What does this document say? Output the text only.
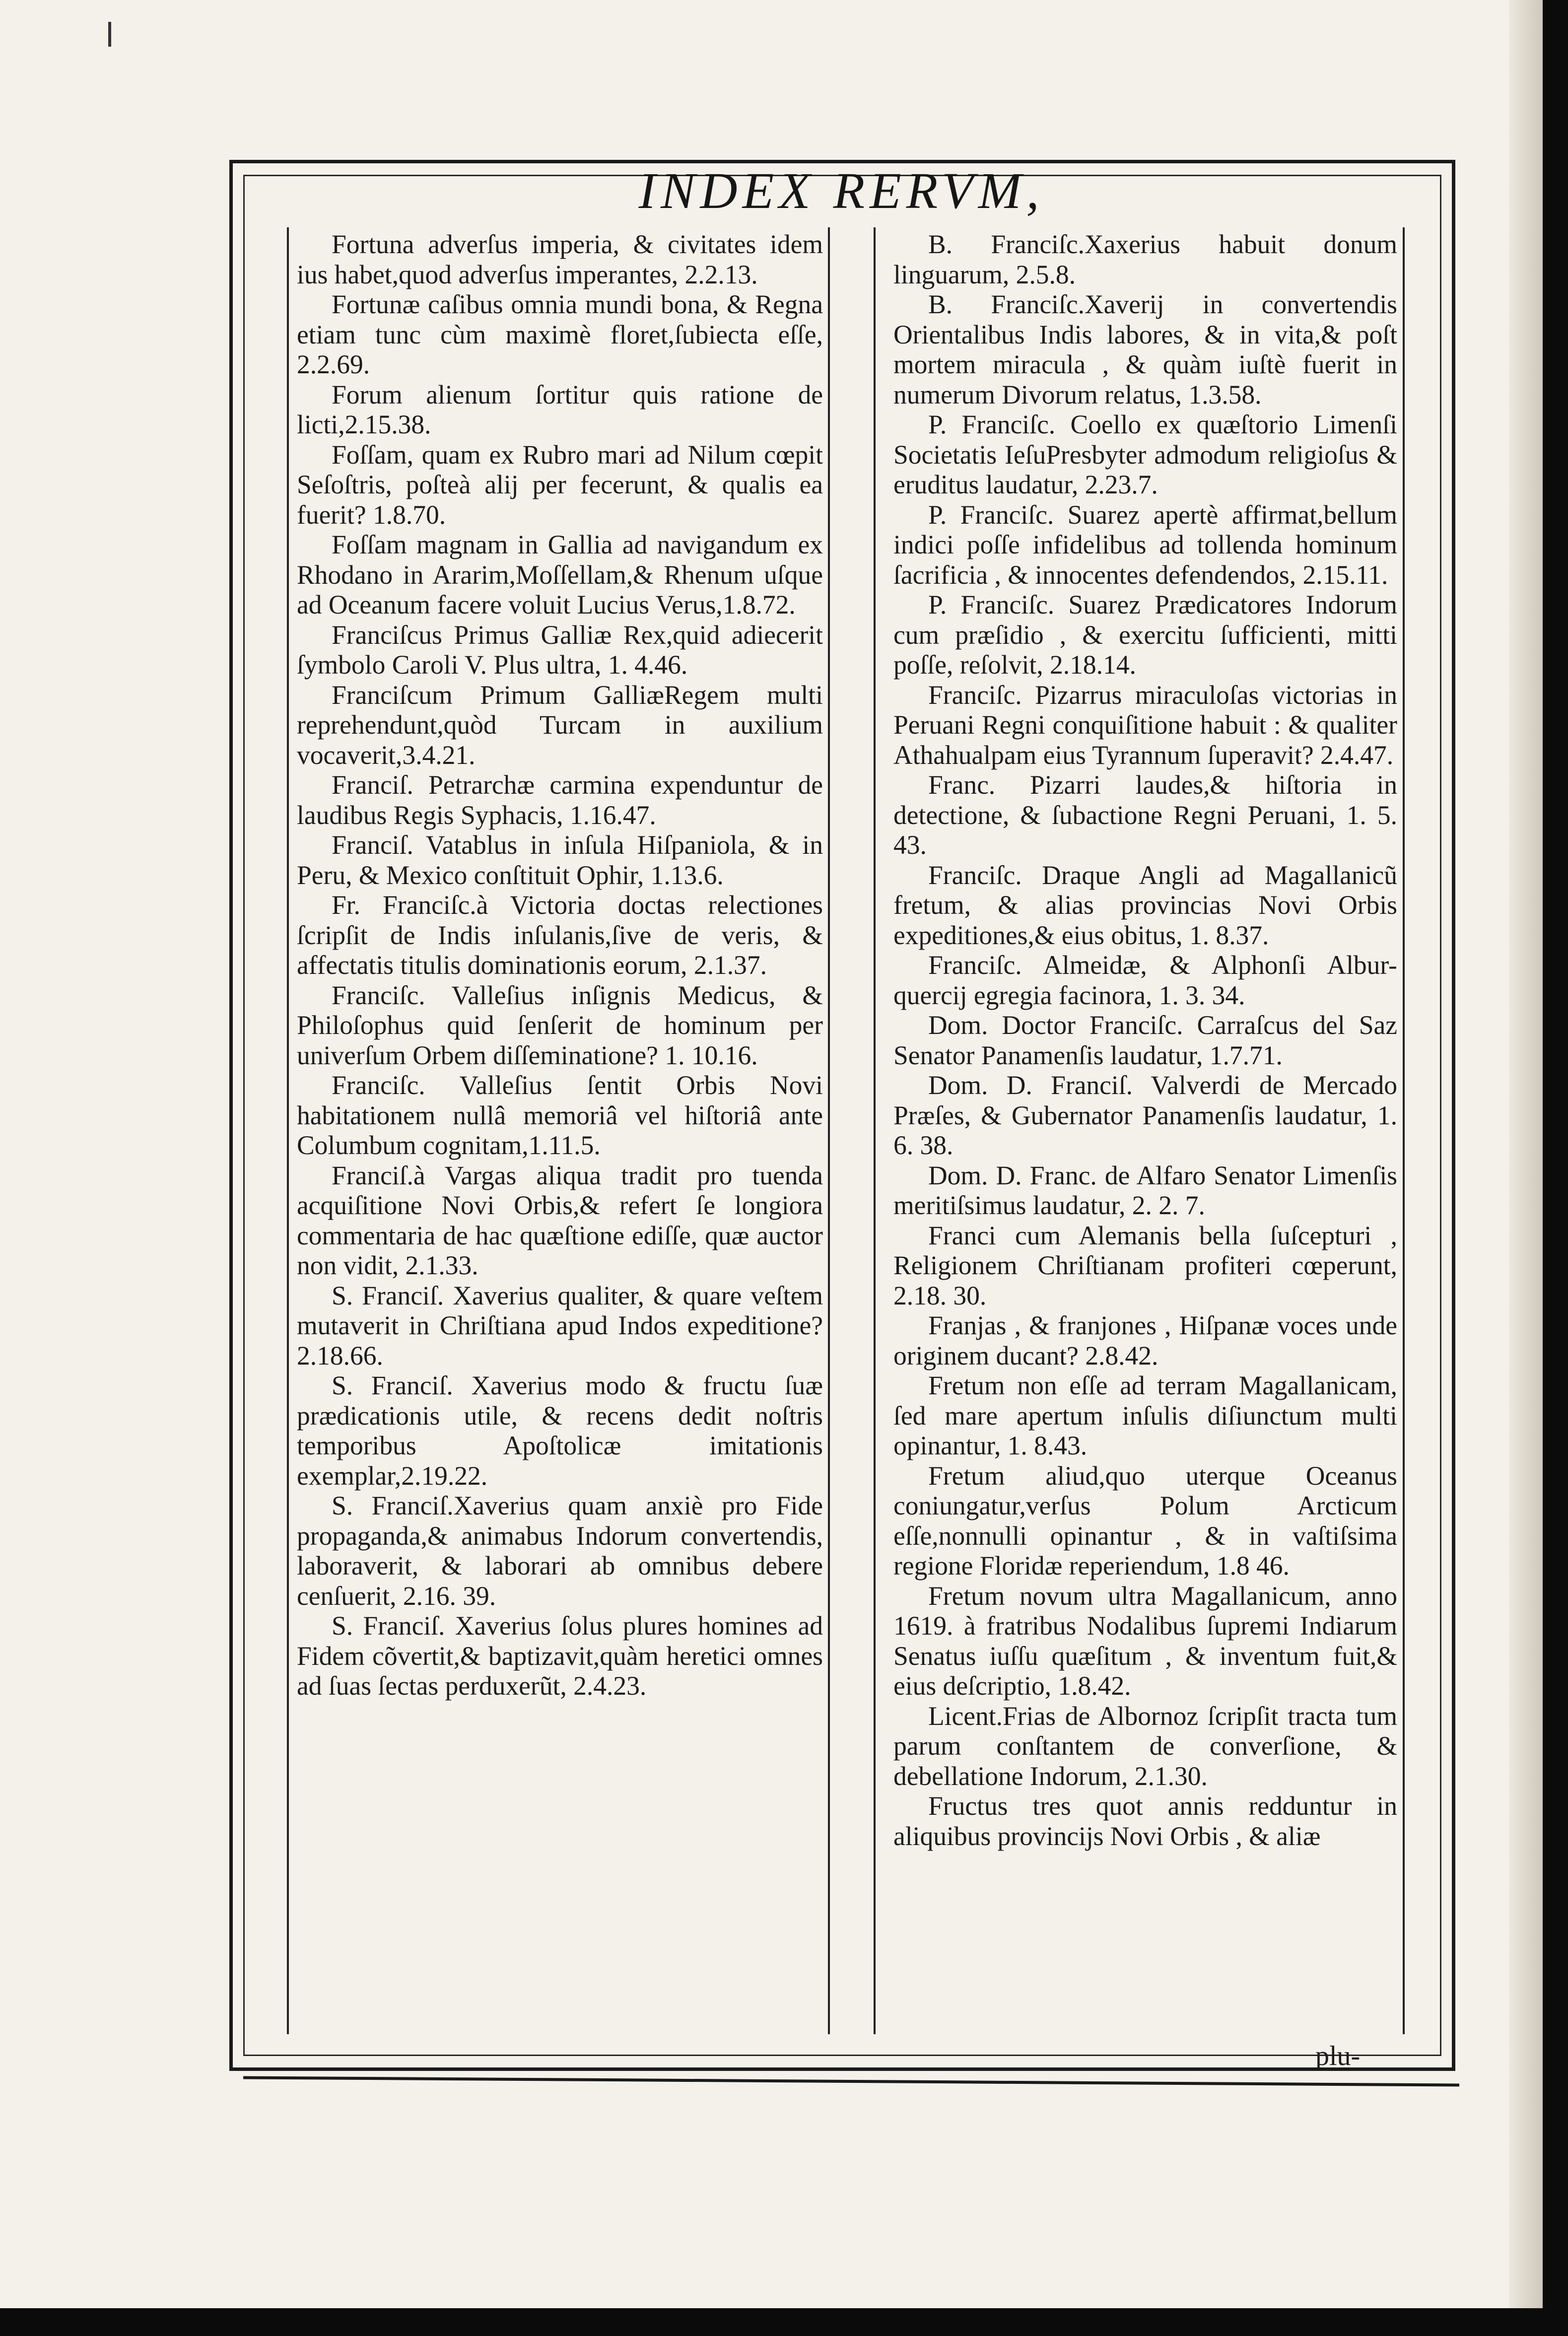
INDEX RERVM,
Fortuna adverſus imperia, & civitates idem ius habet,quod adverſus imperantes, 2.2.13.
Fortunæ caſibus omnia mundi bona, & Regna etiam tunc cùm maximè floret,ſubiecta eſſe, 2.2.69.
Forum alienum ſortitur quis ratione de licti,2.15.38.
Foſſam, quam ex Rubro mari ad Nilum cœpit Seſoſtris, poſteà alij per fecerunt, & qualis ea fuerit? 1.8.70.
Foſſam magnam in Gallia ad navigandum ex Rhodano in Ararim,Moſſellam,& Rhenum uſque ad Oceanum facere voluit Lucius Verus,1.8.72.
Franciſcus Primus Galliæ Rex,quid adiecerit ſymbolo Caroli V. Plus ultra, 1. 4.46.
Franciſcum Primum GalliæRegem multi reprehendunt,quòd Turcam in auxilium vocaverit,3.4.21.
Franciſ. Petrarchæ carmina expenduntur de laudibus Regis Syphacis, 1.16.47.
Franciſ. Vatablus in inſula Hiſpaniola, & in Peru, & Mexico conſtituit Ophir, 1.13.6.
Fr. Franciſc.à Victoria doctas relectiones ſcripſit de Indis inſulanis,ſive de veris, & affectatis titulis dominationis eorum, 2.1.37.
Franciſc. Valleſius inſignis Medicus, & Philoſophus quid ſenſerit de hominum per univerſum Orbem diſſeminatione? 1. 10.16.
Franciſc. Valleſius ſentit Orbis Novi habitationem nullâ memoriâ vel hiſtoriâ ante Columbum cognitam,1.11.5.
Franciſ.à Vargas aliqua tradit pro tuenda acquiſitione Novi Orbis,& refert ſe longiora commentaria de hac quæſtione ediſſe, quæ auctor non vidit, 2.1.33.
S. Franciſ. Xaverius qualiter, & quare veſtem mutaverit in Chriſtiana apud Indos expeditione? 2.18.66.
S. Franciſ. Xaverius modo & fructu ſuæ prædicationis utile, & recens dedit noſtris temporibus Apoſtolicæ imitationis exemplar,2.19.22.
S. Franciſ.Xaverius quam anxiè pro Fide propaganda,& animabus Indorum convertendis, laboraverit, & laborari ab omnibus debere cenſuerit, 2.16. 39.
S. Franciſ. Xaverius ſolus plures homines ad Fidem cõvertit,& baptizavit,quàm heretici omnes ad ſuas ſectas perduxerũt, 2.4.23.
B. Franciſc.Xaxerius habuit donum linguarum, 2.5.8.
B. Franciſc.Xaverij in convertendis Orientalibus Indis labores, & in vita,& poſt mortem miracula , & quàm iuſtè fuerit in numerum Divorum relatus, 1.3.58.
P. Franciſc. Coello ex quæſtorio Limenſi Societatis IeſuPresbyter admodum religioſus & eruditus laudatur, 2.23.7.
P. Franciſc. Suarez apertè affirmat,bellum indici poſſe infidelibus ad tollenda hominum ſacrificia , & innocentes defendendos, 2.15.11.
P. Franciſc. Suarez Prædicatores Indorum cum præſidio , & exercitu ſufficienti, mitti poſſe, reſolvit, 2.18.14.
Franciſc. Pizarrus miraculoſas victorias in Peruani Regni conquiſitione habuit : & qualiter Athahualpam eius Tyrannum ſuperavit? 2.4.47.
Franc. Pizarri laudes,& hiſtoria in detectione, & ſubactione Regni Peruani, 1. 5. 43.
Franciſc. Draque Angli ad Magallanicũ fretum, & alias provincias Novi Orbis expeditiones,& eius obitus, 1. 8.37.
Franciſc. Almeidæ, & Alphonſi Albur-quercij egregia facinora, 1. 3. 34.
Dom. Doctor Franciſc. Carraſcus del Saz Senator Panamenſis laudatur, 1.7.71.
Dom. D. Franciſ. Valverdi de Mercado Præſes, & Gubernator Panamenſis laudatur, 1. 6. 38.
Dom. D. Franc. de Alfaro Senator Limenſis meritiſsimus laudatur, 2. 2. 7.
Franci cum Alemanis bella ſuſcepturi , Religionem Chriſtianam profiteri cœperunt, 2.18. 30.
Franjas , & franjones , Hiſpanæ voces unde originem ducant? 2.8.42.
Fretum non eſſe ad terram Magallanicam, ſed mare apertum inſulis diſiunctum multi opinantur, 1. 8.43.
Fretum aliud,quo uterque Oceanus coniungatur,verſus Polum Arcticum eſſe,nonnulli opinantur , & in vaſtiſsima regione Floridæ reperiendum, 1.8 46.
Fretum novum ultra Magallanicum, anno 1619. à fratribus Nodalibus ſupremi Indiarum Senatus iuſſu quæſitum , & inventum fuit,& eius deſcriptio, 1.8.42.
Licent.Frias de Albornoz ſcripſit tracta tum parum conſtantem de converſione, & debellatione Indorum, 2.1.30.
Fructus tres quot annis redduntur in aliquibus provincijs Novi Orbis , & aliæ
plu-
